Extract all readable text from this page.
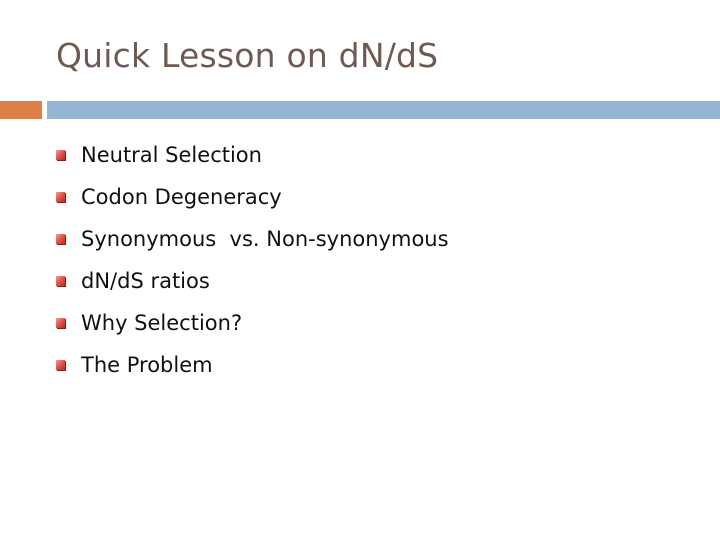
Quick Lesson on dN/dS
Neutral Selection
Codon Degeneracy
Synonymous  vs. Non-synonymous
dN/dS ratios
Why Selection?
The Problem
